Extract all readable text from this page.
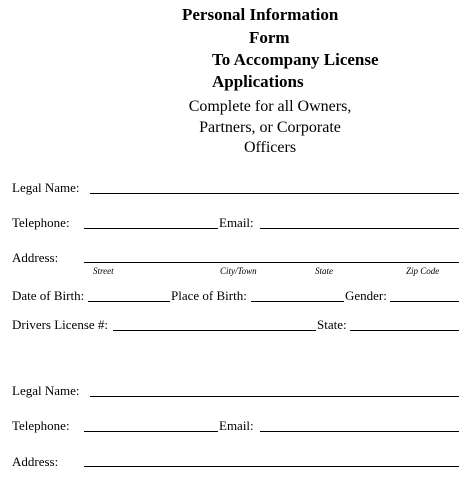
Personal Information
Form
To Accompany License
Applications
Complete for all Owners,
Partners, or Corporate
Officers
Legal Name:
Telephone:	Email:
Address:
Street	City/Town	State	Zip Code
Date of Birth:	Place of Birth:	Gender:
Drivers License #:	State:
Legal Name:
Telephone:	Email:
Address:
